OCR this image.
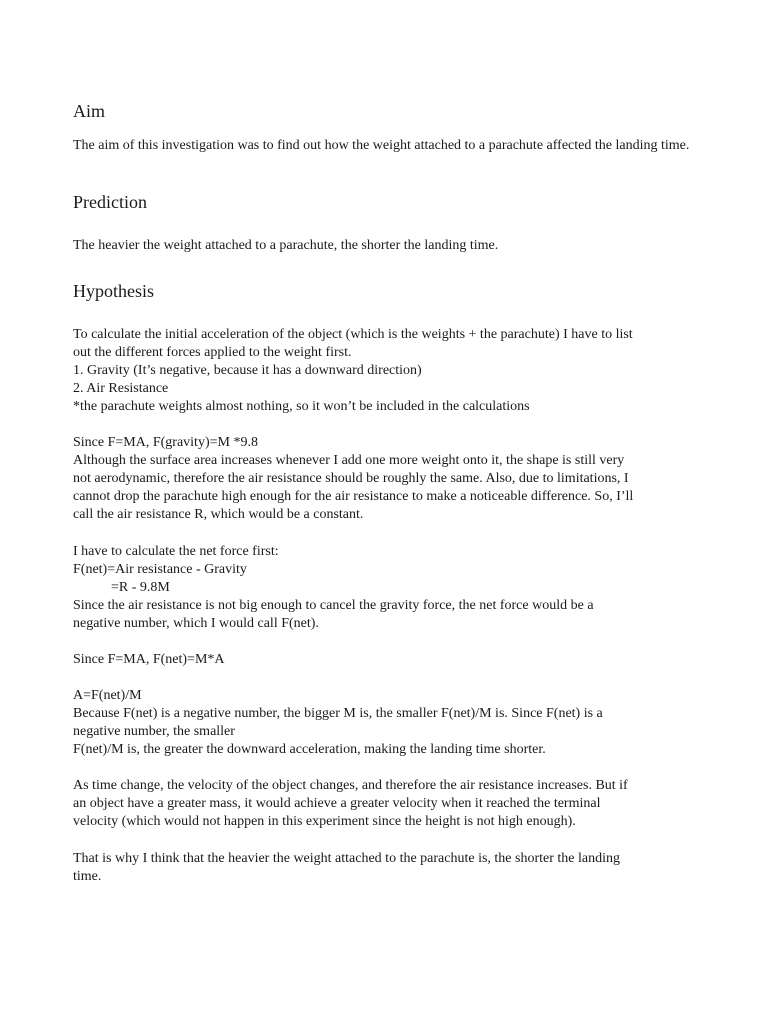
Aim

The aim of this investigation was to find out how the weight attached to a parachute affected the landing time.

Prediction

The heavier the weight attached to a parachute, the shorter the landing time.

Hypothesis

To calculate the initial acceleration of the object (which is the weights + the parachute) I have to list
out the different forces applied to the weight first.
1. Gravity (It’s negative, because it has a downward direction)
2. Air Resistance
*the parachute weights almost nothing, so it won’t be included in the calculations

Since F=MA, F(gravity)=M *9.8
Although the surface area increases whenever I add one more weight onto it, the shape is still very
not aerodynamic, therefore the air resistance should be roughly the same. Also, due to limitations, I
cannot drop the parachute high enough for the air resistance to make a noticeable difference. So, I’ll
call the air resistance R, which would be a constant.

I have to calculate the net force first:
F(net)=Air resistance - Gravity
=R - 9.8M
Since the air resistance is not big enough to cancel the gravity force, the net force would be a
negative number, which I would call F(net).

Since F=MA, F(net)=M*A

A=F(net)/M
Because F(net) is a negative number, the bigger M is, the smaller F(net)/M is. Since F(net) is a
negative number, the smaller
F(net)/M is, the greater the downward acceleration, making the landing time shorter.

As time change, the velocity of the object changes, and therefore the air resistance increases. But if
an object have a greater mass, it would achieve a greater velocity when it reached the terminal
velocity (which would not happen in this experiment since the height is not high enough).

That is why I think that the heavier the weight attached to the parachute is, the shorter the landing
time.
